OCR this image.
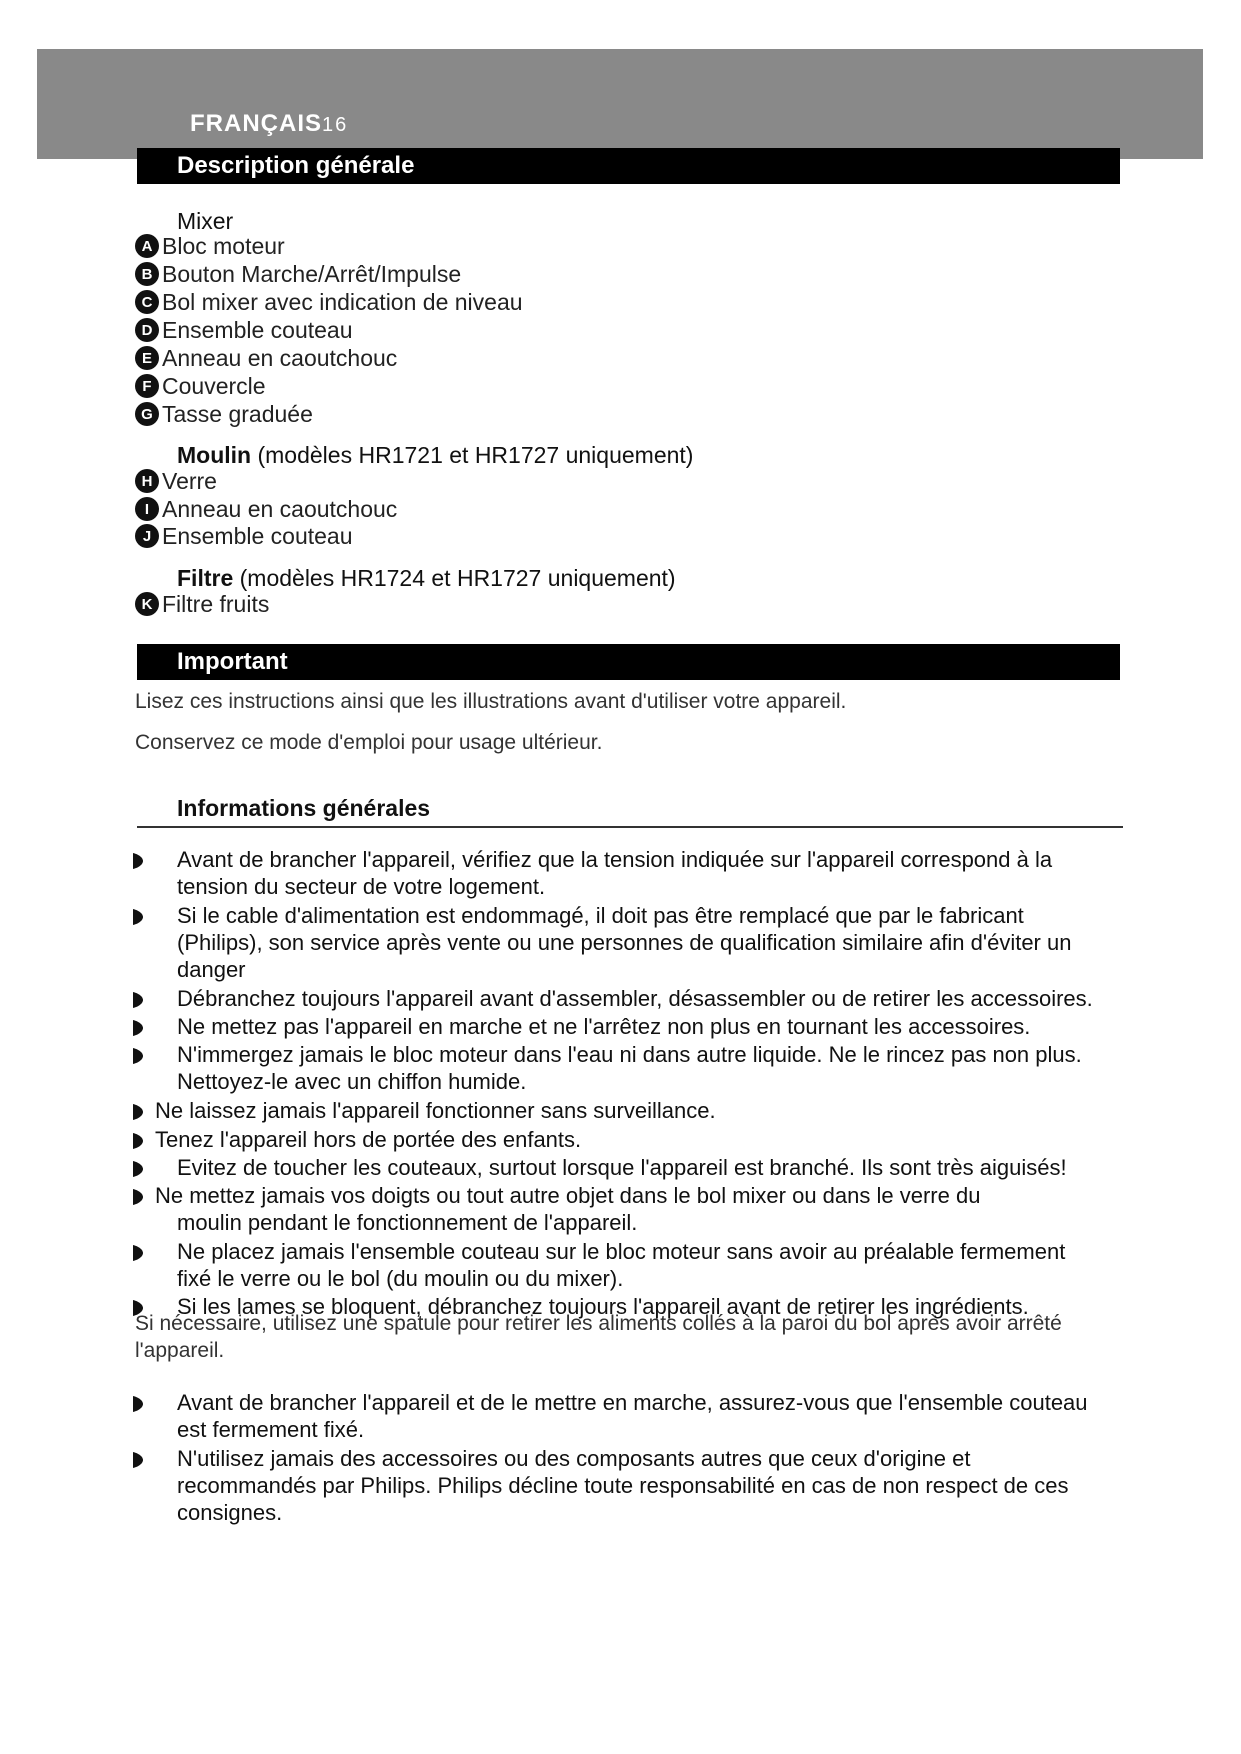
FRANÇAIS16
Description générale
Mixer
A Bloc moteur
B Bouton Marche/Arrêt/Impulse
C Bol mixer avec indication de niveau
D Ensemble couteau
E Anneau en caoutchouc
F Couvercle
G Tasse graduée
Moulin (modèles HR1721 et HR1727 uniquement)
H Verre
I Anneau en caoutchouc
J Ensemble couteau
Filtre (modèles HR1724 et HR1727 uniquement)
K Filtre fruits
Important
Lisez ces instructions ainsi que les illustrations avant d'utiliser votre appareil.
Conservez ce mode d'emploi pour usage ultérieur.
Informations générales
Avant de brancher l'appareil, vérifiez que la tension indiquée sur l'appareil correspond à la
tension du secteur de votre logement.
Si le cable d'alimentation est endommagé, il doit pas être remplacé que par le fabricant
(Philips), son service après vente ou une personnes de qualification similaire afin d'éviter un
danger
Débranchez toujours l'appareil avant d'assembler, désassembler ou de retirer les accessoires.
Ne mettez pas l'appareil en marche et ne l'arrêtez non plus en tournant les accessoires.
N'immergez jamais le bloc moteur dans l'eau ni dans autre liquide. Ne le rincez pas non plus.
Nettoyez-le avec un chiffon humide.
Ne laissez jamais l'appareil fonctionner sans surveillance.
Tenez l'appareil hors de portée des enfants.
Evitez de toucher les couteaux, surtout lorsque l'appareil est branché. Ils sont très aiguisés!
Ne mettez jamais vos doigts ou tout autre objet dans le bol mixer ou dans le verre du
moulin pendant le fonctionnement de l'appareil.
Ne placez jamais l'ensemble couteau sur le bloc moteur sans avoir au préalable fermement
fixé le verre ou le bol (du moulin ou du mixer).
Si les lames se bloquent, débranchez toujours l'appareil avant de retirer les ingrédients.
Si nécessaire, utilisez une spatule pour retirer les aliments collés à la paroi du bol après avoir arrêté
l'appareil.
Avant de brancher l'appareil et de le mettre en marche, assurez-vous que l'ensemble couteau
est fermement fixé.
N'utilisez jamais des accessoires ou des composants autres que ceux d'origine et
recommandés par Philips. Philips décline toute responsabilité en cas de non respect de ces
consignes.
